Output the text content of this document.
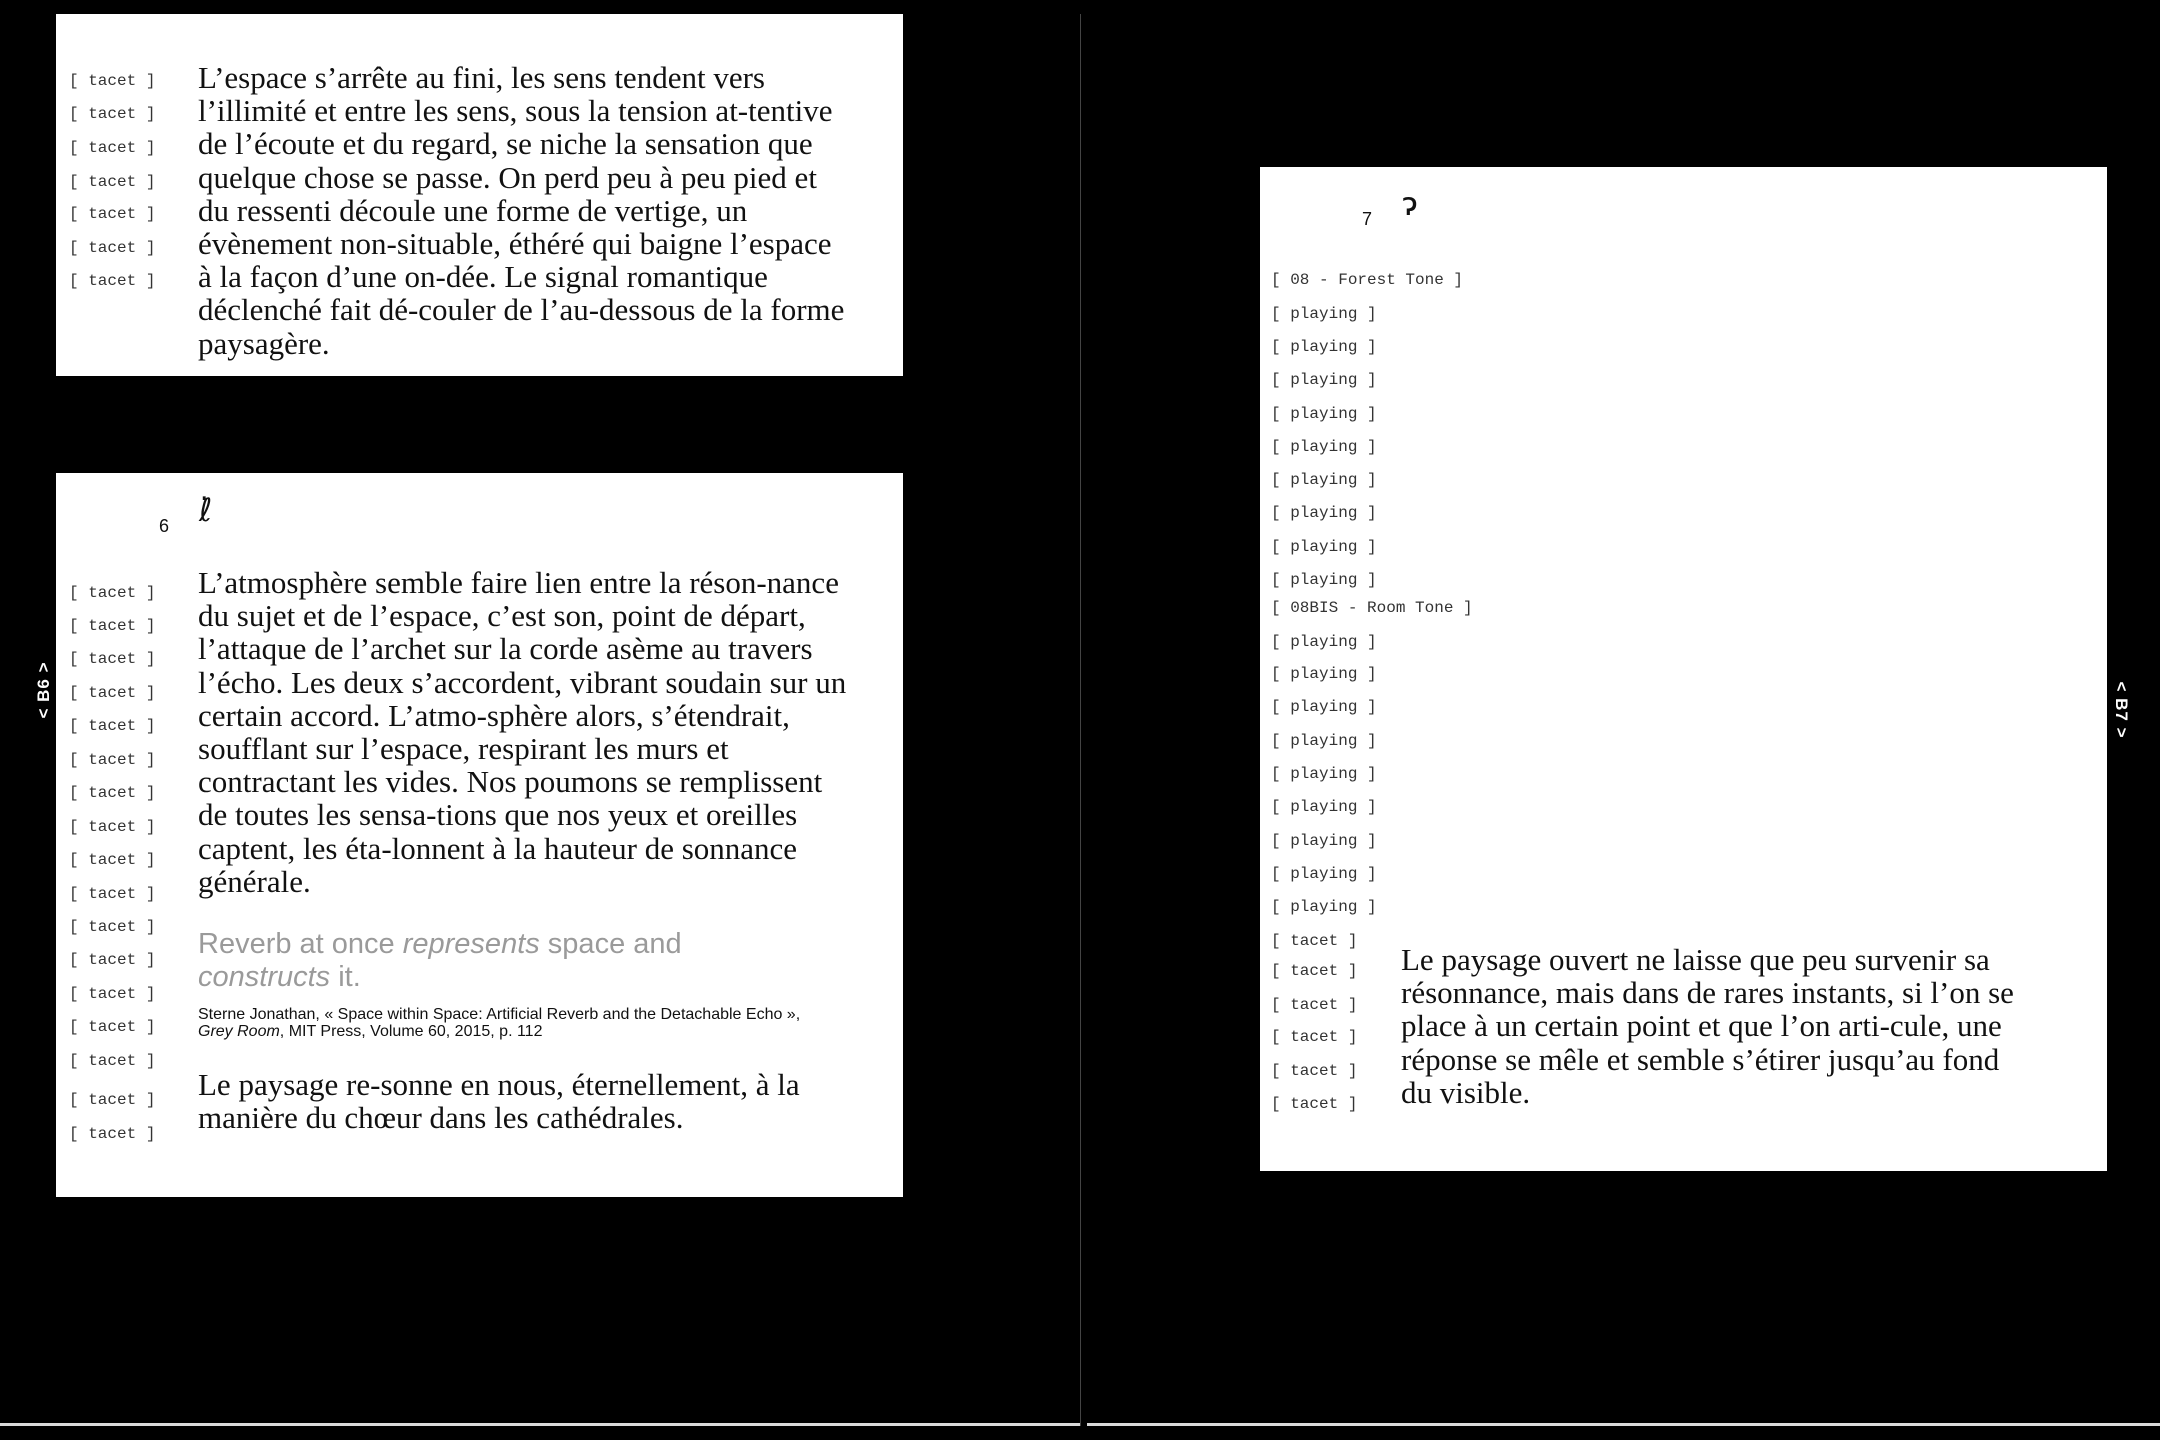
< B6 >	< B7 >
[ tacet ]
[ tacet ]
[ tacet ]
[ tacet ]
[ tacet ]
[ tacet ]
[ tacet ]

L’espace s’arrête au fini, les sens tendent vers l’illimité et entre les sens, sous la tension at-tentive de l’écoute et du regard, se niche la sensation que quelque chose se passe. On perd peu à peu pied et du ressenti découle une forme de vertige, un évènement non-situable, éthéré qui baigne l’espace à la façon d’une on-dée. Le signal romantique déclenché fait dé-couler de l’au-dessous de la forme paysagère.

6 ℓ̇
[ tacet ]
[ tacet ]
[ tacet ]
[ tacet ]
[ tacet ]
[ tacet ]
[ tacet ]
[ tacet ]
[ tacet ]
[ tacet ]
[ tacet ]
[ tacet ]
[ tacet ]
[ tacet ]
[ tacet ]
[ tacet ]
[ tacet ]

L’atmosphère semble faire lien entre la réson-nance du sujet et de l’espace, c’est son, point de départ, l’attaque de l’archet sur la corde asème au travers l’écho. Les deux s’accordent, vibrant soudain sur un certain accord. L’atmo-sphère alors, s’étendrait, soufflant sur l’espace, respirant les murs et contractant les vides. Nos poumons se remplissent de toutes les sensa-tions que nos yeux et oreilles captent, les éta-lonnent à la hauteur de sonnance générale.

Reverb at once represents space and constructs it.

Sterne Jonathan, « Space within Space: Artificial Reverb and the Detachable Echo »,
Grey Room, MIT Press, Volume 60, 2015, p. 112

Le paysage re-sonne en nous, éternellement, à la manière du chœur dans les cathédrales.

7 ɂ
[ 08 - Forest Tone ]
[ playing ]
[ playing ]
[ playing ]
[ playing ]
[ playing ]
[ playing ]
[ playing ]
[ playing ]
[ playing ]
[ 08BIS - Room Tone ]
[ playing ]
[ playing ]
[ playing ]
[ playing ]
[ playing ]
[ playing ]
[ playing ]
[ playing ]
[ playing ]
[ tacet ]
[ tacet ]
[ tacet ]
[ tacet ]
[ tacet ]
[ tacet ]

Le paysage ouvert ne laisse que peu survenir sa résonnance, mais dans de rares instants, si l’on se place à un certain point et que l’on arti-cule, une réponse se mêle et semble s’étirer jusqu’au fond du visible.
